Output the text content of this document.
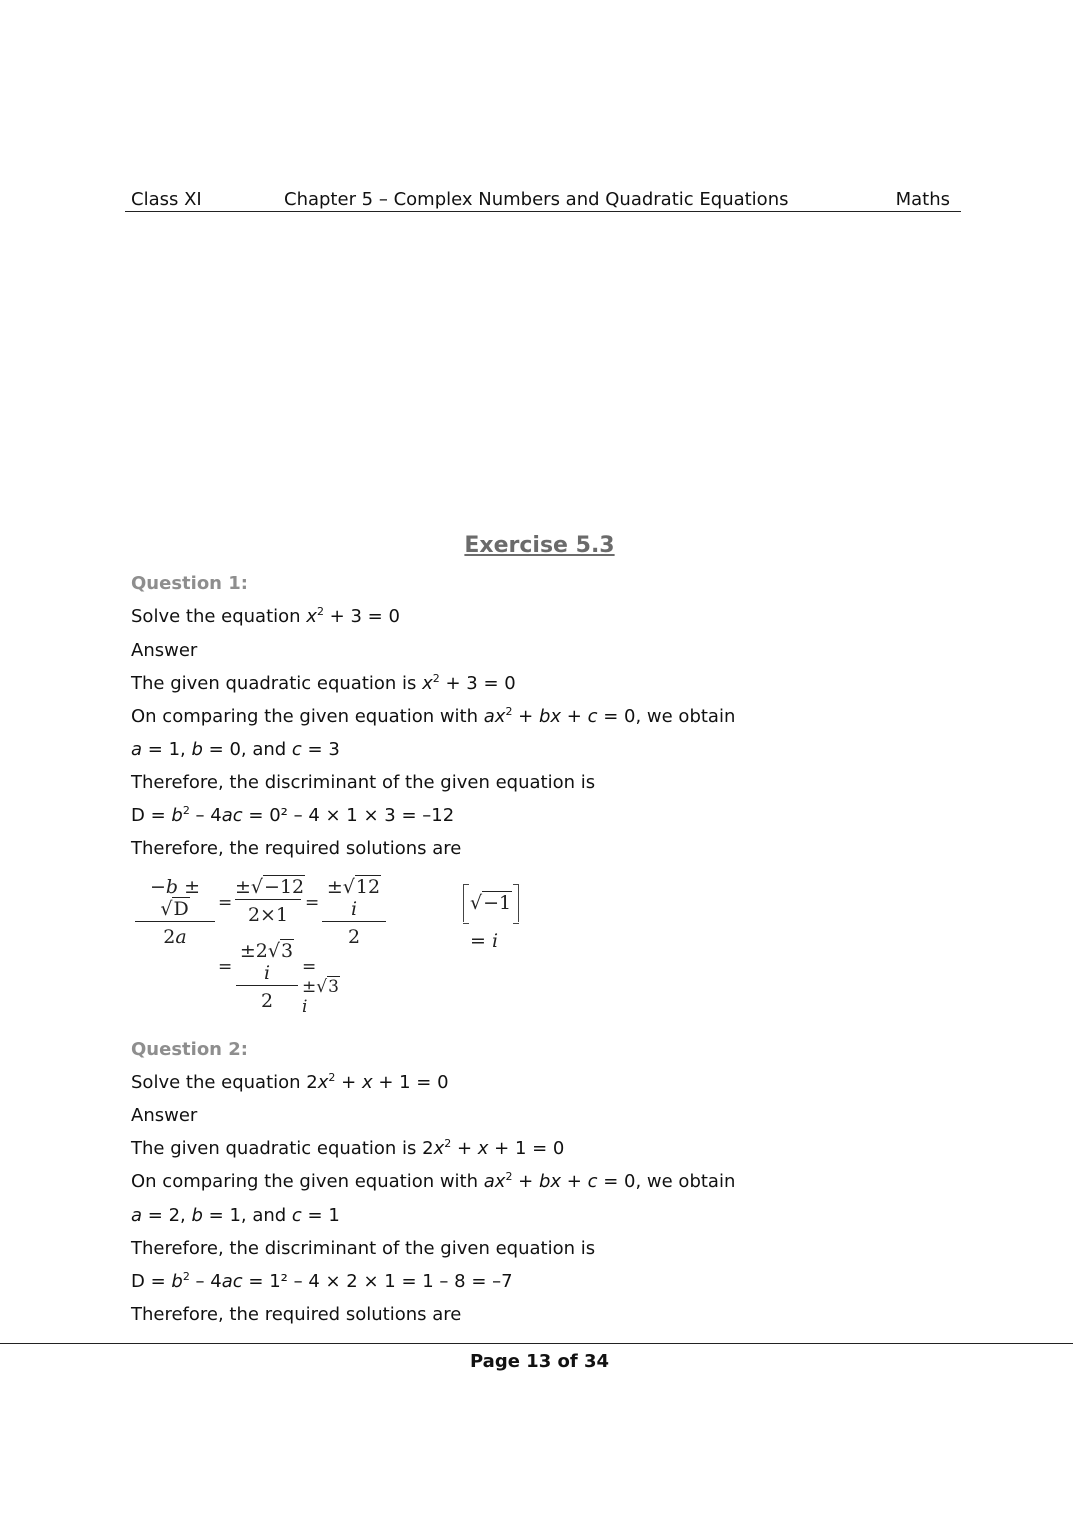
Class XI	Chapter 5 – Complex Numbers and Quadratic Equations	Maths
Exercise 5.3
Question 1:
Solve the equation $x^2 + 3 = 0$
Answer
The given quadratic equation is $x^2 + 3 = 0$
On comparing the given equation with $ax^2$ + bx + c = 0, we obtain
a = 1, b = 0, and c = 3
Therefore, the discriminant of the given equation is
$D = b^2 - 4ac = 0^2 - 4 \times 1 \times 3 = -12$
Therefore, the required solutions are
−b ± √D
2a
=
±√−12
2×1
=
±√12 i
2
√−1 = i
=
±2√3 i
2
= ±√3 i
Question 2:
Solve the equation $2x^2 + x + 1 = 0$
Answer
The given quadratic equation is $2x^2 + x + 1 = 0$
On comparing the given equation with $ax^2$ + bx + c = 0, we obtain
a = 2, b = 1, and c = 1
Therefore, the discriminant of the given equation is
$D = b^2 - 4ac = 1^2 - 4 \times 2 \times 1 = 1 - 8 = -7$
Therefore, the required solutions are
Page 13 of 34
